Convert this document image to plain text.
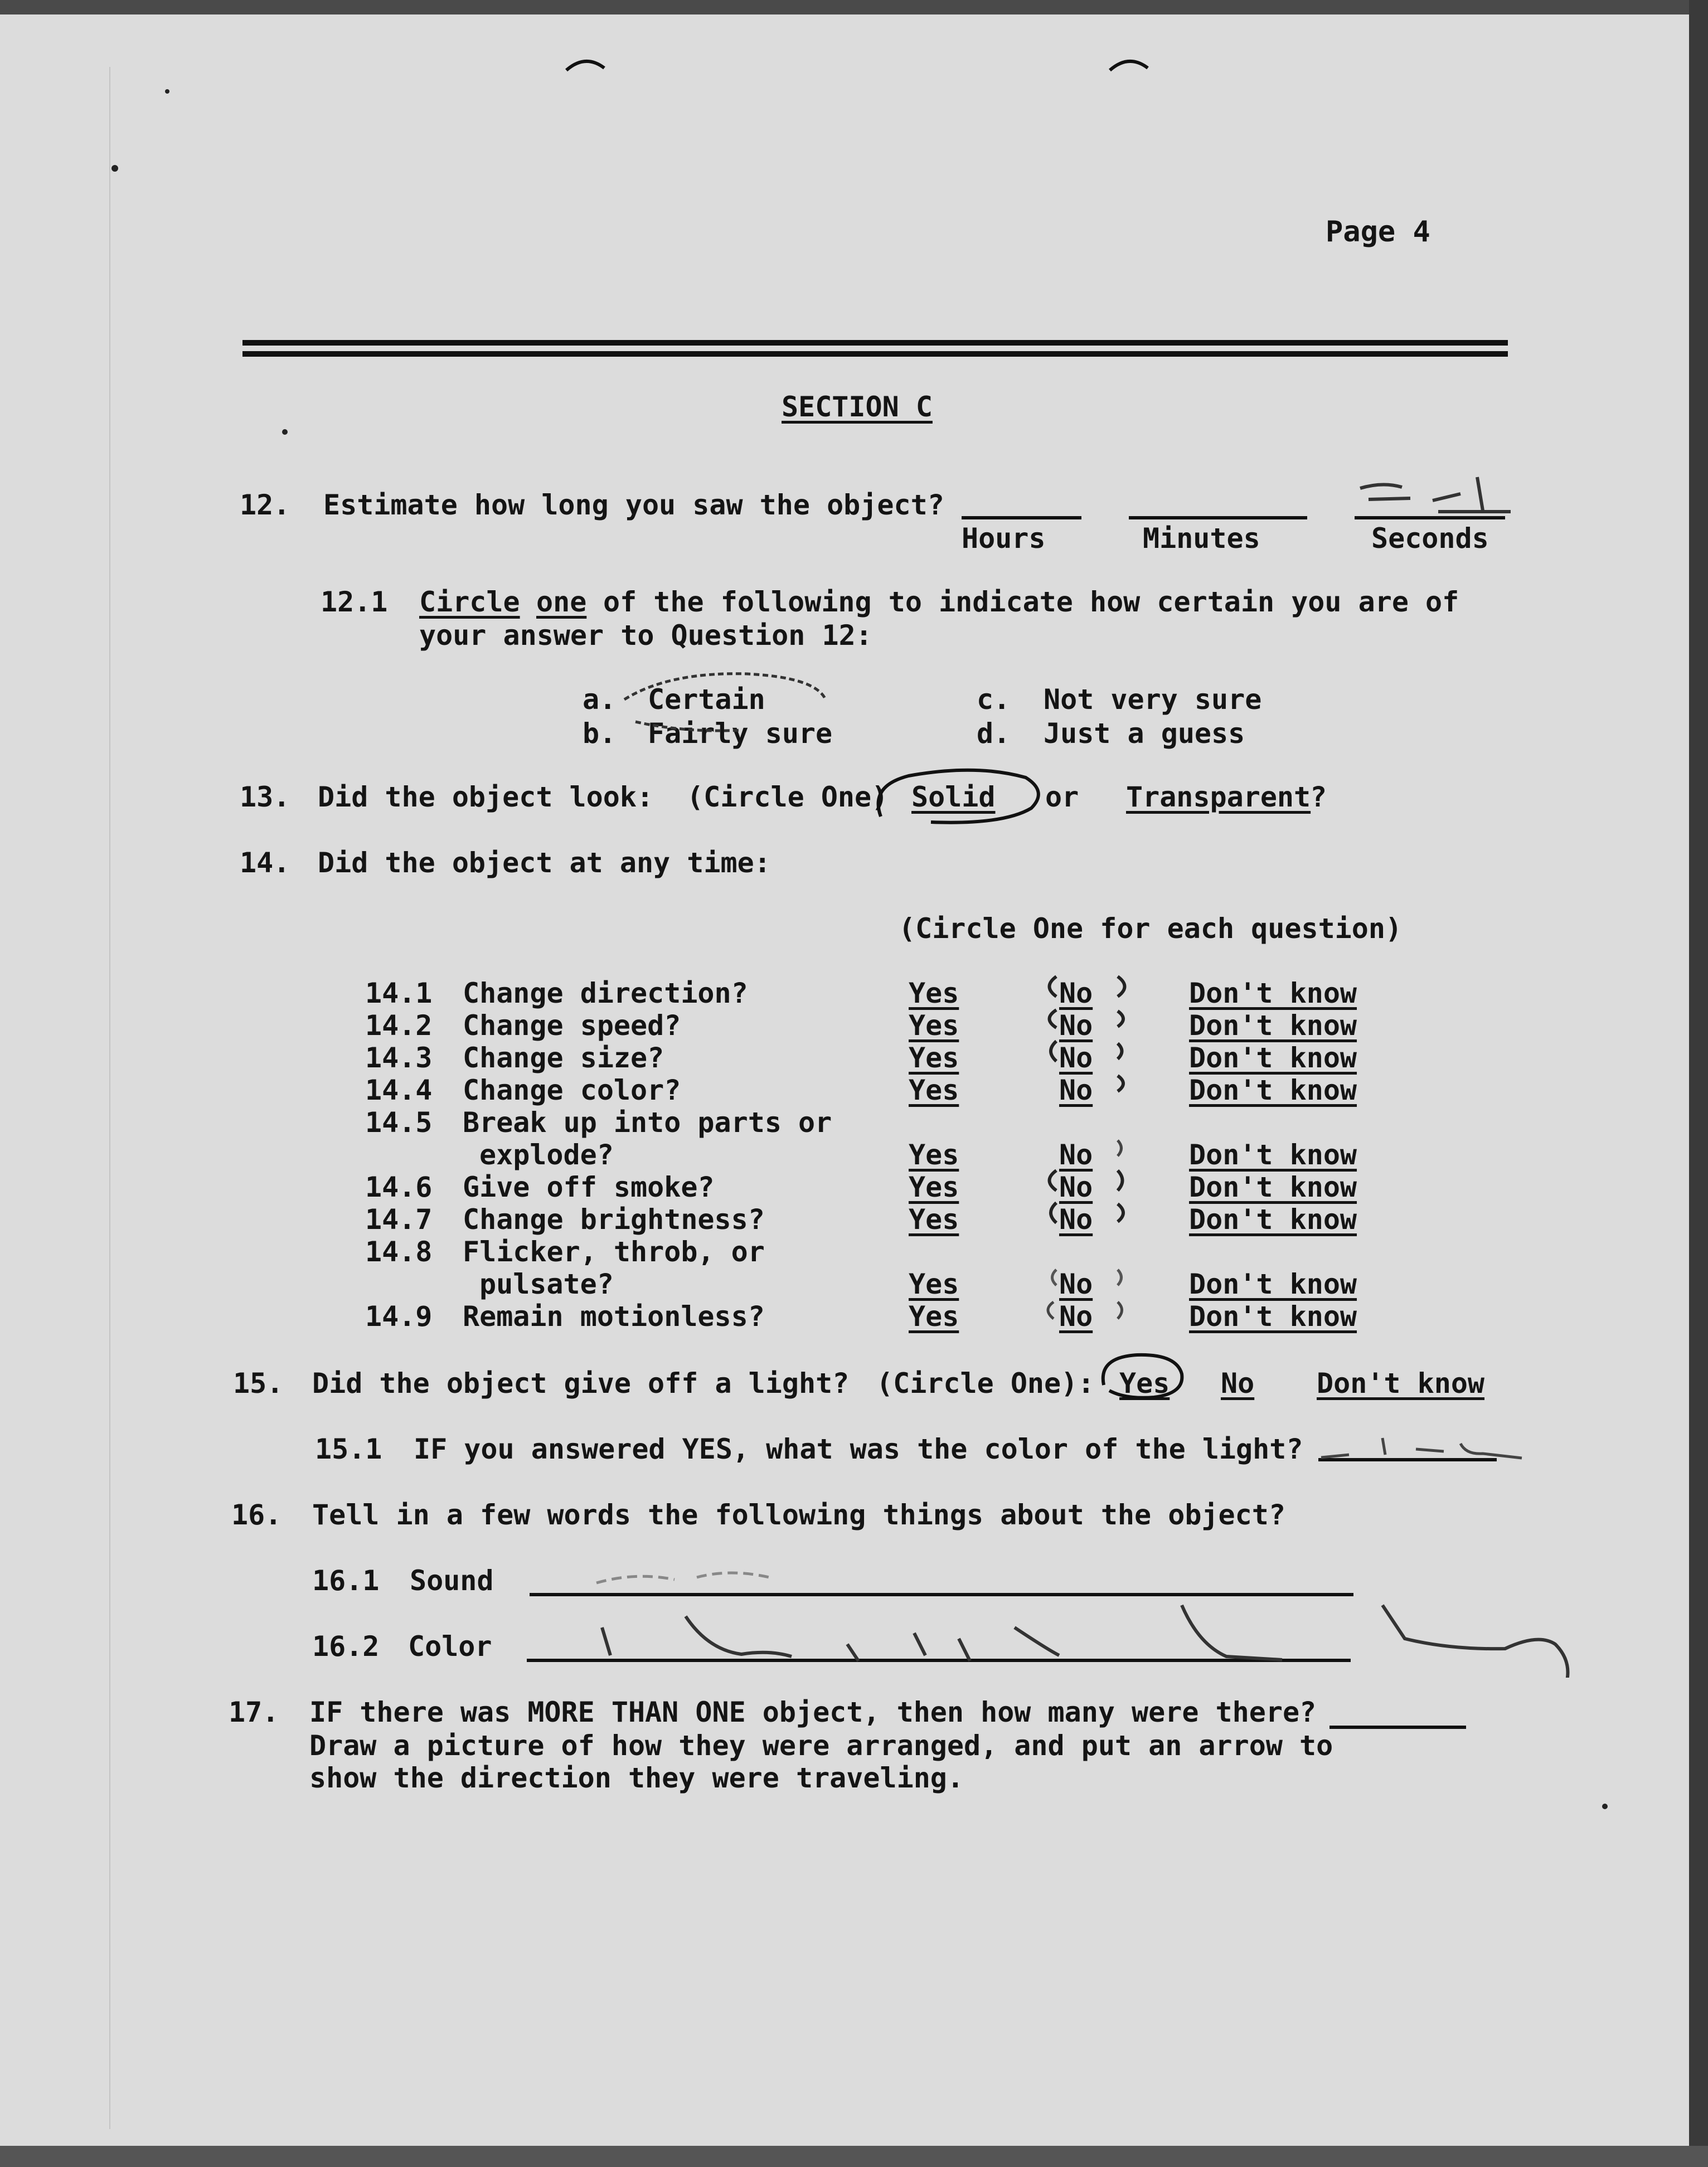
Page 4
SECTION C
12. Estimate how long you saw the object?
Hours	Minutes	Seconds
12.1 Circle one of the following to indicate how certain you are of
your answer to Question 12:
a. Certain
b. Fairly sure
c. Not very sure
d. Just a guess
13. Did the object look: (Circle One) Solid or Transparent
?
14. Did the object at any time:
(Circle One for each question)
14.1 Change direction?	Yes	No	Don't know
14.2 Change speed?	Yes	No	Don't know
14.3 Change size?	Yes	No	Don't know
14.4 Change color?	Yes	No	Don't know
14.5 Break up into parts or
explode?	Yes	No	Don't know
14.6 Give off smoke?	Yes	No	Don't know
14.7 Change brightness?	Yes	No	Don't know
14.8 Flicker, throb, or
pulsate?	Yes	No	Don't know
14.9 Remain motionless?	Yes	No	Don't know
15. Did the object give off a light? (Circle One): Yes No Don't know
15.1 IF you answered YES, what was the color of the light?
16. Tell in a few words the following things about the object?
16.1 Sound
16.2 Color
17. IF there was MORE THAN ONE object, then how many were there?
Draw a picture of how they were arranged, and put an arrow to
show the direction they were traveling.
